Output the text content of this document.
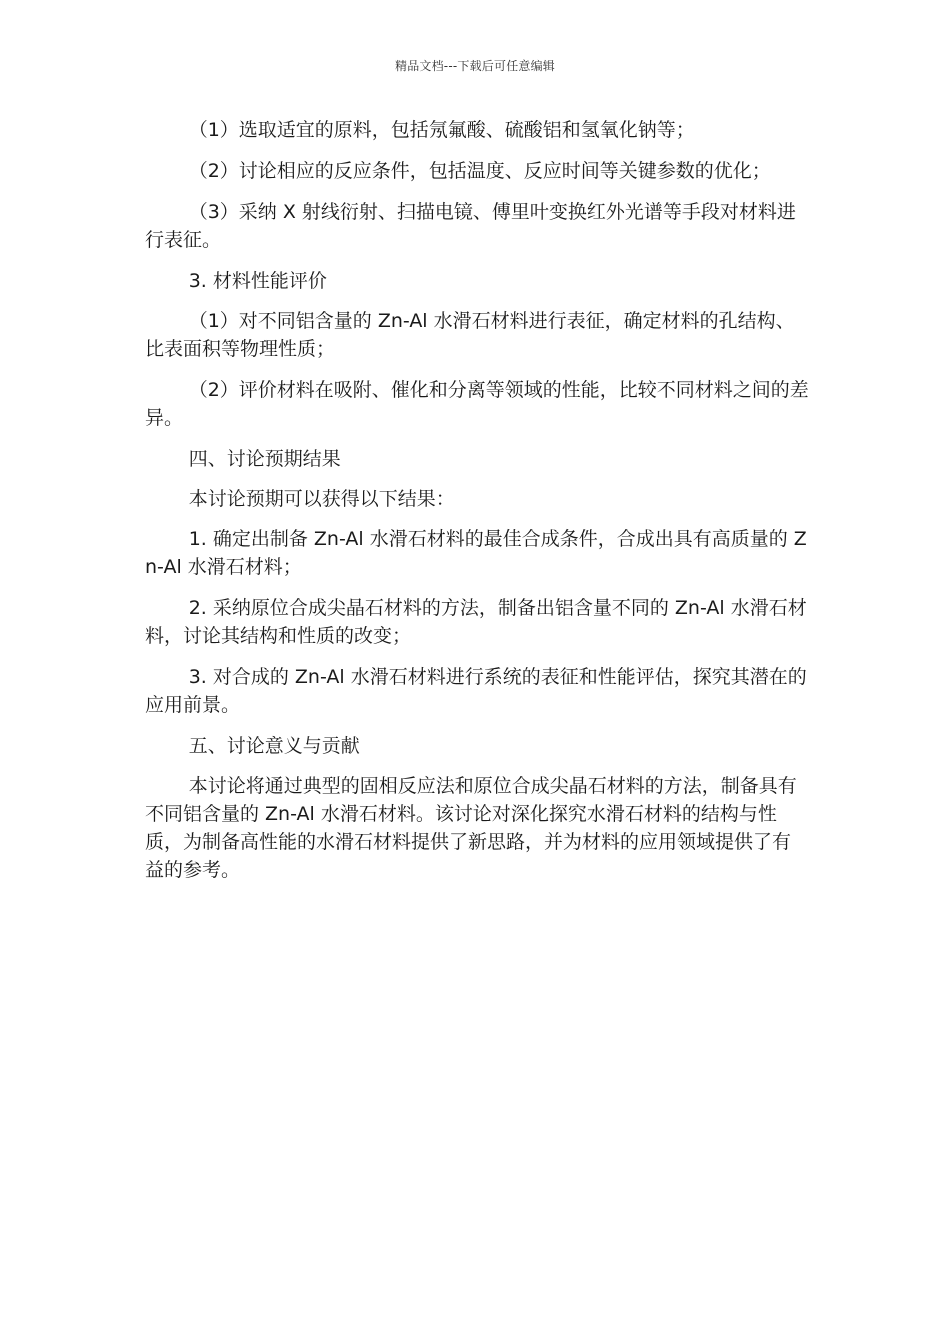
精品文档---下载后可任意编辑

（1）选取适宜的原料，包括氖氟酸、硫酸铝和氢氧化钠等；

（2）讨论相应的反应条件，包括温度、反应时间等关键参数的优化；

（3）采纳 X 射线衍射、扫描电镜、傅里叶变换红外光谱等手段对材料进行表征。

3. 材料性能评价

（1）对不同铝含量的 Zn-Al 水滑石材料进行表征，确定材料的孔结构、比表面积等物理性质；

（2）评价材料在吸附、催化和分离等领域的性能，比较不同材料之间的差异。

四、讨论预期结果

本讨论预期可以获得以下结果：

1. 确定出制备 Zn-Al 水滑石材料的最佳合成条件，合成出具有高质量的 Zn-Al 水滑石材料；

2. 采纳原位合成尖晶石材料的方法，制备出铝含量不同的 Zn-Al 水滑石材料，讨论其结构和性质的改变；

3. 对合成的 Zn-Al 水滑石材料进行系统的表征和性能评估，探究其潜在的应用前景。

五、讨论意义与贡献

本讨论将通过典型的固相反应法和原位合成尖晶石材料的方法，制备具有不同铝含量的 Zn-Al 水滑石材料。该讨论对深化探究水滑石材料的结构与性质，为制备高性能的水滑石材料提供了新思路，并为材料的应用领域提供了有益的参考。
